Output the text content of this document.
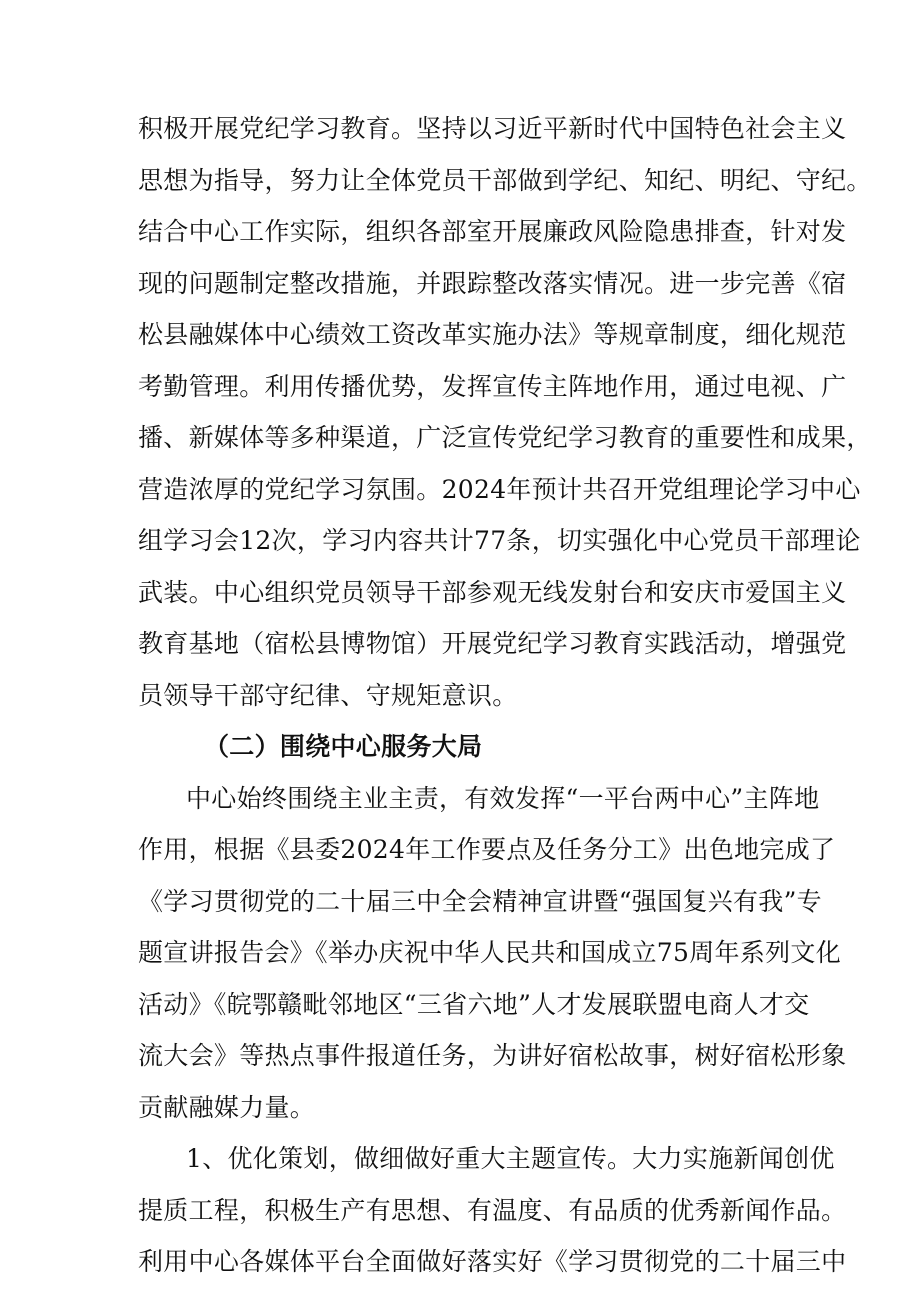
积极开展党纪学习教育。坚持以习近平新时代中国特色社会主义
思想为指导，努力让全体党员干部做到学纪、知纪、明纪、守纪。
结合中心工作实际，组织各部室开展廉政风险隐患排查，针对发
现的问题制定整改措施，并跟踪整改落实情况。进一步完善《宿
松县融媒体中心绩效工资改革实施办法》等规章制度，细化规范
考勤管理。利用传播优势，发挥宣传主阵地作用，通过电视、广
播、新媒体等多种渠道，广泛宣传党纪学习教育的重要性和成果，
营造浓厚的党纪学习氛围。2024年预计共召开党组理论学习中心
组学习会12次，学习内容共计77条，切实强化中心党员干部理论
武装。中心组织党员领导干部参观无线发射台和安庆市爱国主义
教育基地（宿松县博物馆）开展党纪学习教育实践活动，增强党
员领导干部守纪律、守规矩意识。
（二）围绕中心服务大局
中心始终围绕主业主责，有效发挥“一平台两中心”主阵地
作用，根据《县委2024年工作要点及任务分工》出色地完成了
《学习贯彻党的二十届三中全会精神宣讲暨“强国复兴有我”专
题宣讲报告会》《举办庆祝中华人民共和国成立75周年系列文化
活动》《皖鄂赣毗邻地区“三省六地”人才发展联盟电商人才交
流大会》等热点事件报道任务，为讲好宿松故事，树好宿松形象
贡献融媒力量。
1、优化策划，做细做好重大主题宣传。大力实施新闻创优
提质工程，积极生产有思想、有温度、有品质的优秀新闻作品。
利用中心各媒体平台全面做好落实好《学习贯彻党的二十届三中
